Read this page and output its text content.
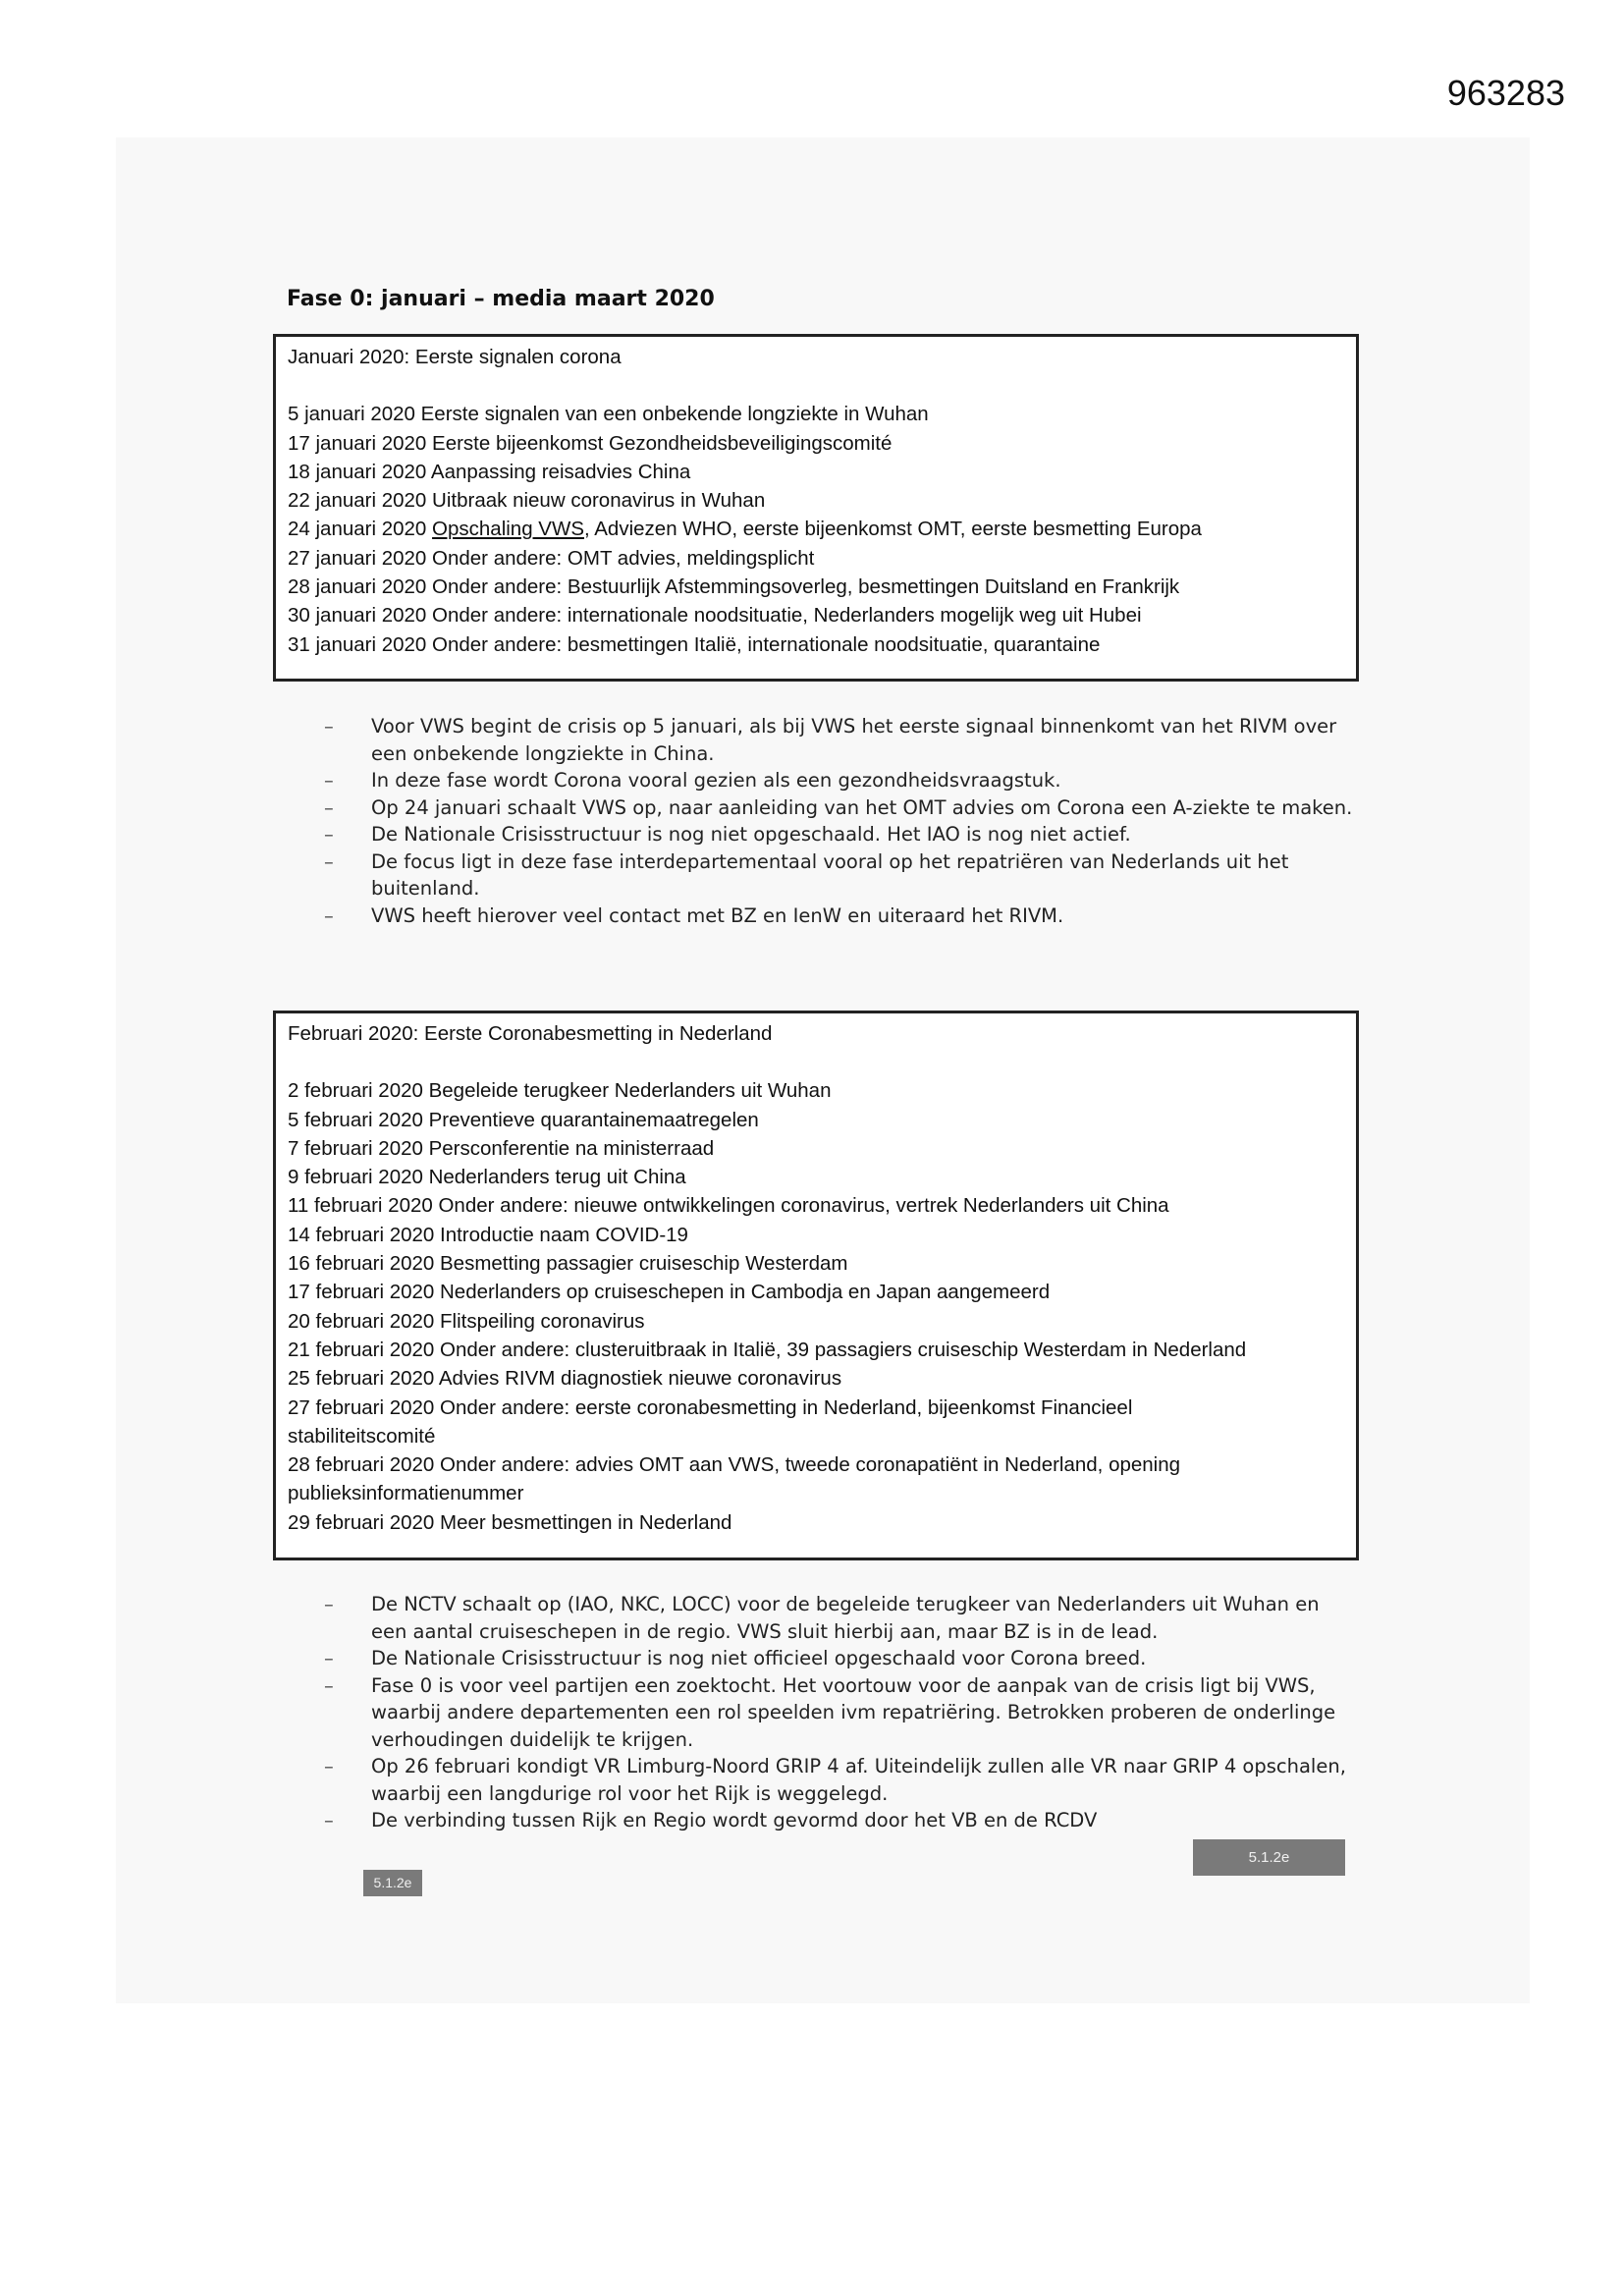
963283
Fase 0: januari – media maart 2020
Januari 2020: Eerste signalen corona
5 januari 2020 Eerste signalen van een onbekende longziekte in Wuhan
17 januari 2020 Eerste bijeenkomst Gezondheidsbeveiligingscomité
18 januari 2020 Aanpassing reisadvies China
22 januari 2020 Uitbraak nieuw coronavirus in Wuhan
24 januari 2020 Opschaling VWS, Adviezen WHO, eerste bijeenkomst OMT, eerste besmetting Europa
27 januari 2020 Onder andere: OMT advies, meldingsplicht
28 januari 2020 Onder andere: Bestuurlijk Afstemmingsoverleg, besmettingen Duitsland en Frankrijk
30 januari 2020 Onder andere: internationale noodsituatie, Nederlanders mogelijk weg uit Hubei
31 januari 2020 Onder andere: besmettingen Italië, internationale noodsituatie, quarantaine
– Voor VWS begint de crisis op 5 januari, als bij VWS het eerste signaal binnenkomt van het RIVM over een onbekende longziekte in China.
– In deze fase wordt Corona vooral gezien als een gezondheidsvraagstuk.
– Op 24 januari schaalt VWS op, naar aanleiding van het OMT advies om Corona een A-ziekte te maken.
– De Nationale Crisisstructuur is nog niet opgeschaald. Het IAO is nog niet actief.
– De focus ligt in deze fase interdepartementaal vooral op het repatriëren van Nederlands uit het buitenland.
– VWS heeft hierover veel contact met BZ en IenW en uiteraard het RIVM.
Februari 2020: Eerste Coronabesmetting in Nederland
2 februari 2020 Begeleide terugkeer Nederlanders uit Wuhan
5 februari 2020 Preventieve quarantainemaatregelen
7 februari 2020 Persconferentie na ministerraad
9 februari 2020 Nederlanders terug uit China
11 februari 2020 Onder andere: nieuwe ontwikkelingen coronavirus, vertrek Nederlanders uit China
14 februari 2020 Introductie naam COVID-19
16 februari 2020 Besmetting passagier cruiseschip Westerdam
17 februari 2020 Nederlanders op cruiseschepen in Cambodja en Japan aangemeerd
20 februari 2020 Flitspeiling coronavirus
21 februari 2020 Onder andere: clusteruitbraak in Italië, 39 passagiers cruiseschip Westerdam in Nederland
25 februari 2020 Advies RIVM diagnostiek nieuwe coronavirus
27 februari 2020 Onder andere: eerste coronabesmetting in Nederland, bijeenkomst Financieel stabiliteitscomité
28 februari 2020 Onder andere: advies OMT aan VWS, tweede coronapatiënt in Nederland, opening publieksinformatienummer
29 februari 2020 Meer besmettingen in Nederland
– De NCTV schaalt op (IAO, NKC, LOCC) voor de begeleide terugkeer van Nederlanders uit Wuhan en een aantal cruiseschepen in de regio. VWS sluit hierbij aan, maar BZ is in de lead.
– De Nationale Crisisstructuur is nog niet officieel opgeschaald voor Corona breed.
– Fase 0 is voor veel partijen een zoektocht. Het voortouw voor de aanpak van de crisis ligt bij VWS, waarbij andere departementen een rol speelden ivm repatriëring. Betrokken proberen de onderlinge verhoudingen duidelijk te krijgen.
– Op 26 februari kondigt VR Limburg-Noord GRIP 4 af. Uiteindelijk zullen alle VR naar GRIP 4 opschalen, waarbij een langdurige rol voor het Rijk is weggelegd.
– De verbinding tussen Rijk en Regio wordt gevormd door het VB en de RCDV
5.1.2e
5.1.2e
